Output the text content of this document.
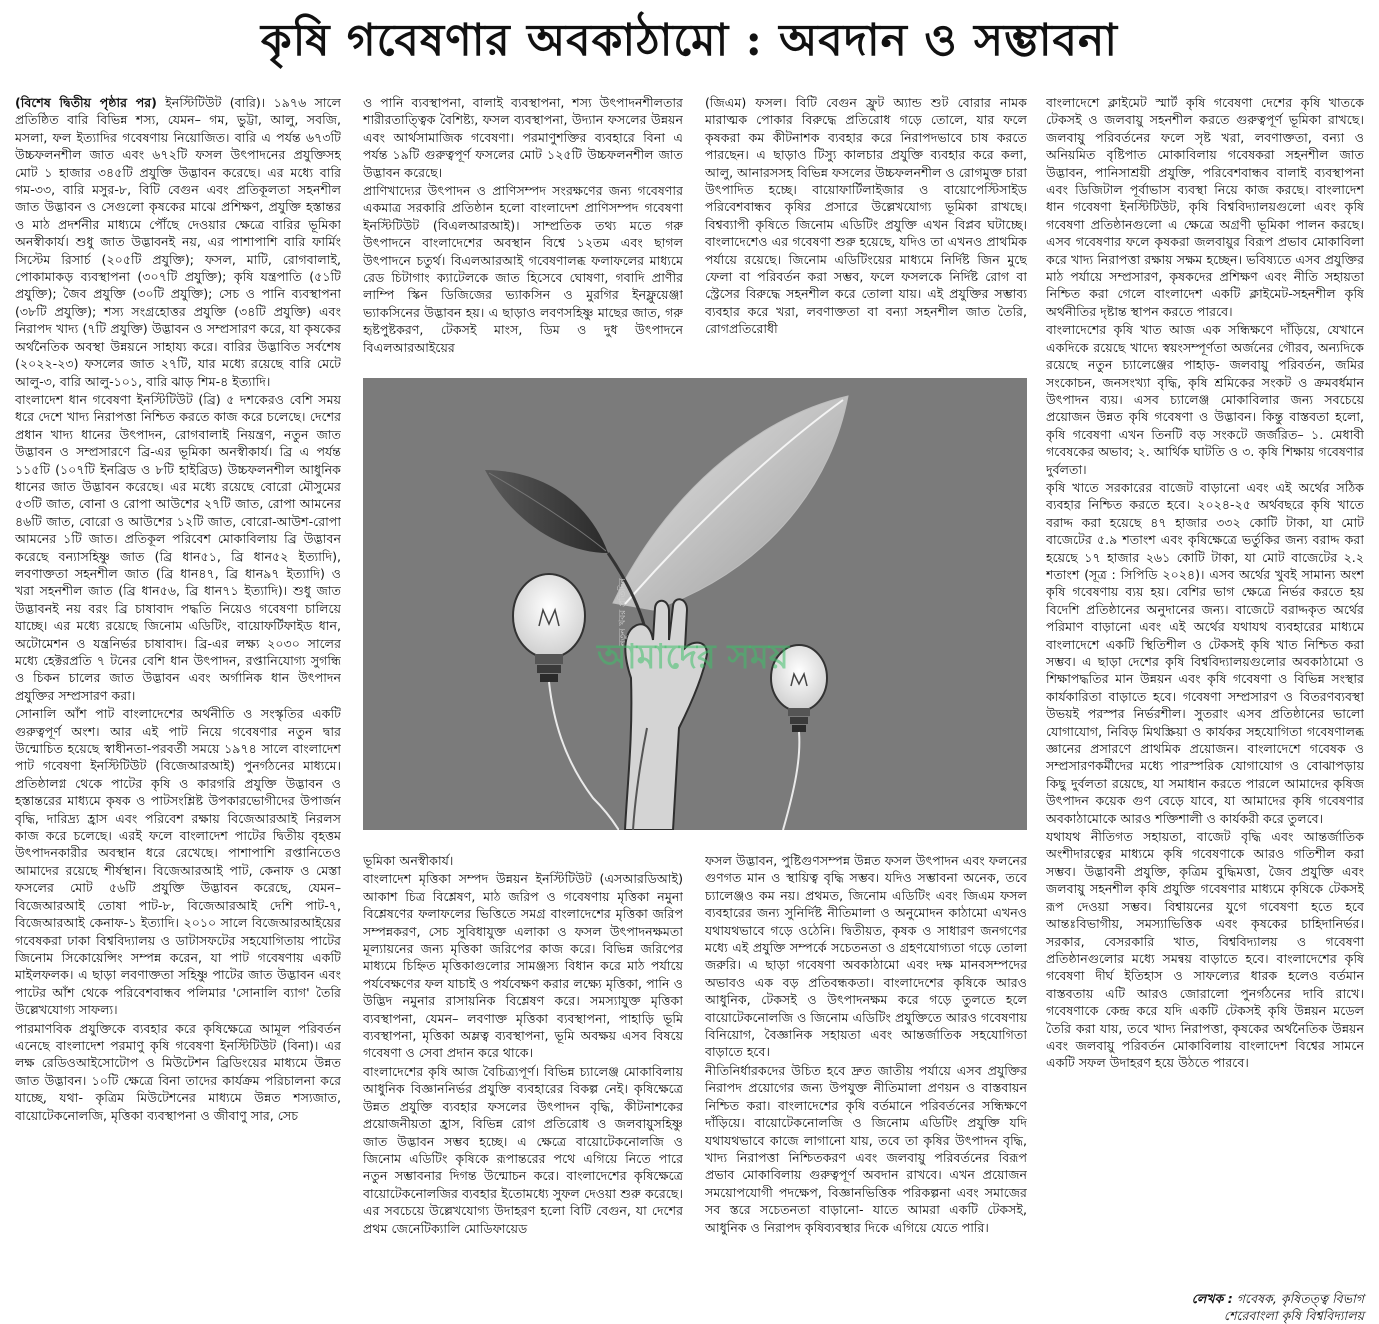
কৃষি গবেষণার অবকাঠামো : অবদান ও সম্ভাবনা

(বিশেষ দ্বিতীয় পৃষ্ঠার পর) ইনস্টিটিউট (বারি)। ১৯৭৬ সালে প্রতিষ্ঠিত বারি বিভিন্ন শস্য, যেমন– গম, ভুট্টা, আলু, সবজি, মসলা, ফল ইত্যাদির গবেষণায় নিয়োজিত। বারি এ পর্যন্ত ৬৭৩টি উচ্চফলনশীল জাত এবং ৬৭২টি ফসল উৎপাদনের প্রযুক্তিসহ মোট ১ হাজার ৩৪৫টি প্রযুক্তি উদ্ভাবন করেছে। এর মধ্যে বারি গম-৩৩, বারি মসুর-৮, বিটি বেগুন এবং প্রতিকূলতা সহনশীল জাত উদ্ভাবন ও সেগুলো কৃষকের মাঝে প্রশিক্ষণ, প্রযুক্তি হস্তান্তর ও মাঠ প্রদর্শনীর মাধ্যমে পৌঁছে দেওয়ার ক্ষেত্রে বারির ভূমিকা অনস্বীকার্য। শুধু জাত উদ্ভাবনই নয়, এর পাশাপাশি বারি ফার্মিং সিস্টেম রিসার্চ (২০৫টি প্রযুক্তি); ফসল, মাটি, রোগবালাই, পোকামাকড় ব্যবস্থাপনা (৩০৭টি প্রযুক্তি); কৃষি যন্ত্রপাতি (৫১টি প্রযুক্তি); জৈব প্রযুক্তি (৩০টি প্রযুক্তি); সেচ ও পানি ব্যবস্থাপনা (৩৮টি প্রযুক্তি); শস্য সংগ্রহোত্তর প্রযুক্তি (৩৪টি প্রযুক্তি) এবং নিরাপদ খাদ্য (৭টি প্রযুক্তি) উদ্ভাবন ও সম্প্রসারণ করে, যা কৃষকের অর্থনৈতিক অবস্থা উন্নয়নে সাহায্য করে। বারির উদ্ভাবিত সর্বশেষ (২০২২-২৩) ফসলের জাত ২৭টি, যার মধ্যে রয়েছে বারি মেটে আলু-৩, বারি আলু-১০১, বারি ঝাড় শিম-৪ ইত্যাদি।

বাংলাদেশ ধান গবেষণা ইনস্টিটিউট (ব্রি) ৫ দশকেরও বেশি সময় ধরে দেশে খাদ্য নিরাপত্তা নিশ্চিত করতে কাজ করে চলেছে। দেশের প্রধান খাদ্য ধানের উৎপাদন, রোগবালাই নিয়ন্ত্রণ, নতুন জাত উদ্ভাবন ও সম্প্রসারণে ব্রি-এর ভূমিকা অনস্বীকার্য। ব্রি এ পর্যন্ত ১১৫টি (১০৭টি ইনব্রিড ও ৮টি হাইব্রিড) উচ্চফলনশীল আধুনিক ধানের জাত উদ্ভাবন করেছে। এর মধ্যে রয়েছে বোরো মৌসুমের ৫৩টি জাত, বোনা ও রোপা আউশের ২৭টি জাত, রোপা আমনের ৪৬টি জাত, বোরো ও আউশের ১২টি জাত, বোরো-আউশ-রোপা আমনের ১টি জাত। প্রতিকূল পরিবেশ মোকাবিলায় ব্রি উদ্ভাবন করেছে বন্যাসহিষ্ণু জাত (ব্রি ধান৫১, ব্রি ধান৫২ ইত্যাদি), লবণাক্ততা সহনশীল জাত (ব্রি ধান৪৭, ব্রি ধান৯৭ ইত্যাদি) ও খরা সহনশীল জাত (ব্রি ধান৫৬, ব্রি ধান৭১ ইত্যাদি)। শুধু জাত উদ্ভাবনই নয় বরং ব্রি চাষাবাদ পদ্ধতি নিয়েও গবেষণা চালিয়ে যাচ্ছে। এর মধ্যে রয়েছে জিনোম এডিটিং, বায়োফর্টিফাইড ধান, অটোমেশন ও যন্ত্রনির্ভর চাষাবাদ। ব্রি-এর লক্ষ্য ২০৩০ সালের মধ্যে হেক্টরপ্রতি ৭ টনের বেশি ধান উৎপাদন, রপ্তানিযোগ্য সুগন্ধি ও চিকন চালের জাত উদ্ভাবন এবং অর্গানিক ধান উৎপাদন প্রযুক্তির সম্প্রসারণ করা।

সোনালি আঁশ পাট বাংলাদেশের অর্থনীতি ও সংস্কৃতির একটি গুরুত্বপূর্ণ অংশ। আর এই পাট নিয়ে গবেষণার নতুন দ্বার উন্মোচিত হয়েছে স্বাধীনতা-পরবর্তী সময়ে ১৯৭৪ সালে বাংলাদেশ পাট গবেষণা ইনস্টিটিউট (বিজেআরআই) পুনর্গঠনের মাধ্যমে। প্রতিষ্ঠালগ্ন থেকে পাটের কৃষি ও কারগরি প্রযুক্তি উদ্ভাবন ও হস্তান্তরের মাধ্যমে কৃষক ও পাটসংশ্লিষ্ট উপকারভোগীদের উপার্জন বৃদ্ধি, দারিদ্র্য হ্রাস এবং পরিবেশ রক্ষায় বিজেআরআই নিরলস কাজ করে চলেছে। এরই ফলে বাংলাদেশ পাটের দ্বিতীয় বৃহত্তম উৎপাদনকারীর অবস্থান ধরে রেখেছে। পাশাপাশি রপ্তানিতেও আমাদের রয়েছে শীর্ষস্থান। বিজেআরআই পাট, কেনাফ ও মেস্তা ফসলের মোট ৫৬টি প্রযুক্তি উদ্ভাবন করেছে, যেমন– বিজেআরআই তোষা পাট-৮, বিজেআরআই দেশি পাট-৭, বিজেআরআই কেনাফ-১ ইত্যাদি। ২০১০ সালে বিজেআরআইয়ের গবেষকরা ঢাকা বিশ্ববিদ্যালয় ও ডাটাসফটের সহযোগিতায় পাটের জিনোম সিকোয়েন্সিং সম্পন্ন করেন, যা পাট গবেষণায় একটি মাইলফলক। এ ছাড়া লবণাক্ততা সহিষ্ণু পাটের জাত উদ্ভাবন এবং পাটের আঁশ থেকে পরিবেশবান্ধব পলিমার 'সোনালি ব্যাগ' তৈরি উল্লেখযোগ্য সাফল্য।

পারমাণবিক প্রযুক্তিকে ব্যবহার করে কৃষিক্ষেত্রে আমূল পরিবর্তন এনেছে বাংলাদেশ পরমাণু কৃষি গবেষণা ইনস্টিটিউট (বিনা)। এর লক্ষ রেডিওআইসোটোপ ও মিউটেশন ব্রিডিংয়ের মাধ্যমে উন্নত জাত উদ্ভাবন। ১০টি ক্ষেত্রে বিনা তাদের কার্যক্রম পরিচালনা করে যাচ্ছে, যথা- কৃত্রিম মিউটেশনের মাধ্যমে উন্নত শস্যজাত, বায়োটেকনোলজি, মৃত্তিকা ব্যবস্থাপনা ও জীবাণু সার, সেচ

ও পানি ব্যবস্থাপনা, বালাই ব্যবস্থাপনা, শস্য উৎপাদনশীলতার শারীরতাত্ত্বিক বৈশিষ্ট্য, ফসল ব্যবস্থাপনা, উদ্যান ফসলের উন্নয়ন এবং আর্থসামাজিক গবেষণা। পরমাণুশক্তির ব্যবহারে বিনা এ পর্যন্ত ১৯টি গুরুত্বপূর্ণ ফসলের মোট ১২৫টি উচ্চফলনশীল জাত উদ্ভাবন করেছে।

প্রাণিখাদ্যের উৎপাদন ও প্রাণিসম্পদ সংরক্ষণের জন্য গবেষণার একমাত্র সরকারি প্রতিষ্ঠান হলো বাংলাদেশ প্রাণিসম্পদ গবেষণা ইনস্টিটিউট (বিএলআরআই)। সাম্প্রতিক তথ্য মতে গরু উৎপাদনে বাংলাদেশের অবস্থান বিশ্বে ১২তম এবং ছাগল উৎপাদনে চতুর্থ। বিএলআরআই গবেষণালব্ধ ফলাফলের মাধ্যমে রেড চিটাগাং ক্যাটেলকে জাত হিসেবে ঘোষণা, গবাদি প্রাণীর লাম্পি স্কিন ডিজিজের ভ্যাকসিন ও মুরগির ইনফ্লুয়েঞ্জা ভ্যাকসিনের উদ্ভাবন হয়। এ ছাড়াও লবণসহিষ্ণু মাছের জাত, গরু হৃষ্টপুষ্টকরণ, টেকসই মাংস, ডিম ও দুধ উৎপাদনে বিএলআরআইয়ের

(জিএম) ফসল। বিটি বেগুন ফ্রুট অ্যান্ড শুট বোরার নামক মারাত্মক পোকার বিরুদ্ধে প্রতিরোধ গড়ে তোলে, যার ফলে কৃষকরা কম কীটনাশক ব্যবহার করে নিরাপদভাবে চাষ করতে পারছেন। এ ছাড়াও টিস্যু কালচার প্রযুক্তি ব্যবহার করে কলা, আলু, আনারসসহ বিভিন্ন ফসলের উচ্চফলনশীল ও রোগমুক্ত চারা উৎপাদিত হচ্ছে। বায়োফার্টিলাইজার ও বায়োপেস্টিসাইড পরিবেশবান্ধব কৃষির প্রসারে উল্লেখযোগ্য ভূমিকা রাখছে। বিশ্বব্যাপী কৃষিতে জিনোম এডিটিং প্রযুক্তি এখন বিপ্লব ঘটাচ্ছে। বাংলাদেশেও এর গবেষণা শুরু হয়েছে, যদিও তা এখনও প্রাথমিক পর্যায়ে রয়েছে। জিনোম এডিটিংয়ের মাধ্যমে নির্দিষ্ট জিন মুছে ফেলা বা পরিবর্তন করা সম্ভব, ফলে ফসলকে নির্দিষ্ট রোগ বা স্ট্রেসের বিরুদ্ধে সহনশীল করে তোলা যায়। এই প্রযুক্তির সম্ভাব্য ব্যবহার করে খরা, লবণাক্ততা বা বন্যা সহনশীল জাত তৈরি, রোগপ্রতিরোধী

বাংলাদেশে ক্লাইমেট স্মার্ট কৃষি গবেষণা দেশের কৃষি খাতকে টেকসই ও জলবায়ু সহনশীল করতে গুরুত্বপূর্ণ ভূমিকা রাখছে। জলবায়ু পরিবর্তনের ফলে সৃষ্ট খরা, লবণাক্ততা, বন্যা ও অনিয়মিত বৃষ্টিপাত মোকাবিলায় গবেষকরা সহনশীল জাত উদ্ভাবন, পানিসাশ্রয়ী প্রযুক্তি, পরিবেশবান্ধব বালাই ব্যবস্থাপনা এবং ডিজিটাল পূর্বাভাস ব্যবস্থা নিয়ে কাজ করছে। বাংলাদেশ ধান গবেষণা ইনস্টিটিউট, কৃষি বিশ্ববিদ্যালয়গুলো এবং কৃষি গবেষণা প্রতিষ্ঠানগুলো এ ক্ষেত্রে অগ্রণী ভূমিকা পালন করছে। এসব গবেষণার ফলে কৃষকরা জলবায়ুর বিরূপ প্রভাব মোকাবিলা করে খাদ্য নিরাপত্তা রক্ষায় সক্ষম হচ্ছেন। ভবিষ্যতে এসব প্রযুক্তির মাঠ পর্যায়ে সম্প্রসারণ, কৃষকদের প্রশিক্ষণ এবং নীতি সহায়তা নিশ্চিত করা গেলে বাংলাদেশ একটি ক্লাইমেট-সহনশীল কৃষি অর্থনীতির দৃষ্টান্ত স্থাপন করতে পারবে।

বাংলাদেশের কৃষি খাত আজ এক সন্ধিক্ষণে দাঁড়িয়ে, যেখানে একদিকে রয়েছে খাদ্যে স্বয়ংসম্পূর্ণতা অর্জনের গৌরব, অন্যদিকে রয়েছে নতুন চ্যালেঞ্জের পাহাড়- জলবায়ু পরিবর্তন, জমির সংকোচন, জনসংখ্যা বৃদ্ধি, কৃষি শ্রমিকের সংকট ও ক্রমবর্ধমান উৎপাদন ব্যয়। এসব চ্যালেঞ্জ মোকাবিলার জন্য সবচেয়ে প্রয়োজন উন্নত কৃষি গবেষণা ও উদ্ভাবন। কিন্তু বাস্তবতা হলো, কৃষি গবেষণা এখন তিনটি বড় সংকটে জর্জরিত– ১. মেধাবী গবেষকের অভাব; ২. আর্থিক ঘাটতি ও ৩. কৃষি শিক্ষায় গবেষণার দুর্বলতা।

কৃষি খাতে সরকারের বাজেট বাড়ানো এবং এই অর্থের সঠিক ব্যবহার নিশ্চিত করতে হবে। ২০২৪-২৫ অর্থবছরে কৃষি খাতে বরাদ্দ করা হয়েছে ৪৭ হাজার ৩৩২ কোটি টাকা, যা মোট বাজেটের ৫.৯ শতাংশ এবং কৃষিক্ষেত্রে ভর্তুকির জন্য বরাদ্দ করা হয়েছে ১৭ হাজার ২৬১ কোটি টাকা, যা মোট বাজেটের ২.২ শতাংশ (সূত্র : সিপিডি ২০২৪)। এসব অর্থের খুবই সামান্য অংশ কৃষি গবেষণায় ব্যয় হয়। বেশির ভাগ ক্ষেত্রে নির্ভর করতে হয় বিদেশি প্রতিষ্ঠানের অনুদানের জন্য। বাজেটে বরাদ্দকৃত অর্থের পরিমাণ বাড়ানো এবং এই অর্থের যথাযথ ব্যবহারের মাধ্যমে বাংলাদেশে একটি স্থিতিশীল ও টেকসই কৃষি খাত নিশ্চিত করা সম্ভব। এ ছাড়া দেশের কৃষি বিশ্ববিদ্যালয়গুলোর অবকাঠামো ও শিক্ষাপদ্ধতির মান উন্নয়ন এবং কৃষি গবেষণা ও বিভিন্ন সংস্থার কার্যকারিতা বাড়াতে হবে। গবেষণা সম্প্রসারণ ও বিতরণব্যবস্থা উভয়ই পরস্পর নির্ভরশীল। সুতরাং এসব প্রতিষ্ঠানের ভালো যোগাযোগ, নিবিড় মিথস্ক্রিয়া ও কার্যকর সহযোগিতা গবেষণালব্ধ জ্ঞানের প্রসারণে প্রাথমিক প্রয়োজন। বাংলাদেশে গবেষক ও সম্প্রসারণকর্মীদের মধ্যে পারস্পরিক যোগাযোগ ও বোঝাপড়ায় কিছু দুর্বলতা রয়েছে, যা সমাধান করতে পারলে আমাদের কৃষিজ উৎপাদন কয়েক গুণ বেড়ে যাবে, যা আমাদের কৃষি গবেষণার অবকাঠামোকে আরও শক্তিশালী ও কার্যকরী করে তুলবে।

যথাযথ নীতিগত সহায়তা, বাজেট বৃদ্ধি এবং আন্তর্জাতিক অংশীদারত্বের মাধ্যমে কৃষি গবেষণাকে আরও গতিশীল করা সম্ভব। উদ্ভাবনী প্রযুক্তি, কৃত্রিম বুদ্ধিমত্তা, জৈব প্রযুক্তি এবং জলবায়ু সহনশীল কৃষি প্রযুক্তি গবেষণার মাধ্যমে কৃষিকে টেকসই রূপ দেওয়া সম্ভব। বিশ্বায়নের যুগে গবেষণা হতে হবে আন্তঃবিভাগীয়, সমস্যাভিত্তিক এবং কৃষকের চাহিদানির্ভর। সরকার, বেসরকারি খাত, বিশ্ববিদ্যালয় ও গবেষণা প্রতিষ্ঠানগুলোর মধ্যে সমন্বয় বাড়াতে হবে। বাংলাদেশের কৃষি গবেষণা দীর্ঘ ইতিহাস ও সাফল্যের ধারক হলেও বর্তমান বাস্তবতায় এটি আরও জোরালো পুনর্গঠনের দাবি রাখে। গবেষণাকে কেন্দ্র করে যদি একটি টেকসই কৃষি উন্নয়ন মডেল তৈরি করা যায়, তবে খাদ্য নিরাপত্তা, কৃষকের অর্থনৈতিক উন্নয়ন এবং জলবায়ু পরিবর্তন মোকাবিলায় বাংলাদেশ বিশ্বের সামনে একটি সফল উদাহরণ হয়ে উঠতে পারবে।

নতুন খবর প্রতিদিন
আমাদের সময়

ভূমিকা অনস্বীকার্য।

বাংলাদেশ মৃত্তিকা সম্পদ উন্নয়ন ইনস্টিটিউট (এসআরডিআই) আকাশ চিত্র বিশ্লেষণ, মাঠ জরিপ ও গবেষণায় মৃত্তিকা নমুনা বিশ্লেষণের ফলাফলের ভিত্তিতে সমগ্র বাংলাদেশের মৃত্তিকা জরিপ সম্পন্নকরণ, সেচ সুবিধাযুক্ত এলাকা ও ফসল উৎপাদনক্ষমতা মূল্যায়নের জন্য মৃত্তিকা জরিপের কাজ করে। বিভিন্ন জরিপের মাধ্যমে চিহ্নিত মৃত্তিকাগুলোর সামঞ্জস্য বিধান করে মাঠ পর্যায়ে পর্যবেক্ষণের ফল যাচাই ও পর্যবেক্ষণ করার লক্ষ্যে মৃত্তিকা, পানি ও উদ্ভিদ নমুনার রাসায়নিক বিশ্লেষণ করে। সমস্যাযুক্ত মৃত্তিকা ব্যবস্থাপনা, যেমন– লবণাক্ত মৃত্তিকা ব্যবস্থাপনা, পাহাড়ি ভূমি ব্যবস্থাপনা, মৃত্তিকা অম্লত্ব ব্যবস্থাপনা, ভূমি অবক্ষয় এসব বিষয়ে গবেষণা ও সেবা প্রদান করে থাকে।

বাংলাদেশের কৃষি আজ বৈচিত্র্যপূর্ণ। বিভিন্ন চ্যালেঞ্জ মোকাবিলায় আধুনিক বিজ্ঞাননির্ভর প্রযুক্তি ব্যবহারের বিকল্প নেই। কৃষিক্ষেত্রে উন্নত প্রযুক্তি ব্যবহার ফসলের উৎপাদন বৃদ্ধি, কীটনাশকের প্রয়োজনীয়তা হ্রাস, বিভিন্ন রোগ প্রতিরোধ ও জলবায়ুসহিষ্ণু জাত উদ্ভাবন সম্ভব হচ্ছে। এ ক্ষেত্রে বায়োটেকনোলজি ও জিনোম এডিটিং কৃষিকে রূপান্তরের পথে এগিয়ে নিতে পারে নতুন সম্ভাবনার দিগন্ত উন্মোচন করে। বাংলাদেশের কৃষিক্ষেত্রে বায়োটেকনোলজির ব্যবহার ইতোমধ্যে সুফল দেওয়া শুরু করেছে। এর সবচেয়ে উল্লেখযোগ্য উদাহরণ হলো বিটি বেগুন, যা দেশের প্রথম জেনেটিক্যালি মোডিফায়েড

ফসল উদ্ভাবন, পুষ্টিগুণসম্পন্ন উন্নত ফসল উৎপাদন এবং ফলনের গুণগত মান ও স্থায়িত্ব বৃদ্ধি সম্ভব। যদিও সম্ভাবনা অনেক, তবে চ্যালেঞ্জও কম নয়। প্রথমত, জিনোম এডিটিং এবং জিএম ফসল ব্যবহারের জন্য সুনির্দিষ্ট নীতিমালা ও অনুমোদন কাঠামো এখনও যথাযথভাবে গড়ে ওঠেনি। দ্বিতীয়ত, কৃষক ও সাধারণ জনগণের মধ্যে এই প্রযুক্তি সম্পর্কে সচেতনতা ও গ্রহণযোগ্যতা গড়ে তোলা জরুরি। এ ছাড়া গবেষণা অবকাঠামো এবং দক্ষ মানবসম্পদের অভাবও এক বড় প্রতিবন্ধকতা। বাংলাদেশের কৃষিকে আরও আধুনিক, টেকসই ও উৎপাদনক্ষম করে গড়ে তুলতে হলে বায়োটেকনোলজি ও জিনোম এডিটিং প্রযুক্তিতে আরও গবেষণায় বিনিয়োগ, বৈজ্ঞানিক সহায়তা এবং আন্তর্জাতিক সহযোগিতা বাড়াতে হবে।

নীতিনির্ধারকদের উচিত হবে দ্রুত জাতীয় পর্যায়ে এসব প্রযুক্তির নিরাপদ প্রয়োগের জন্য উপযুক্ত নীতিমালা প্রণয়ন ও বাস্তবায়ন নিশ্চিত করা। বাংলাদেশের কৃষি বর্তমানে পরিবর্তনের সন্ধিক্ষণে দাঁড়িয়ে। বায়োটেকনোলজি ও জিনোম এডিটিং প্রযুক্তি যদি যথাযথভাবে কাজে লাগানো যায়, তবে তা কৃষির উৎপাদন বৃদ্ধি, খাদ্য নিরাপত্তা নিশ্চিতকরণ এবং জলবায়ু পরিবর্তনের বিরূপ প্রভাব মোকাবিলায় গুরুত্বপূর্ণ অবদান রাখবে। এখন প্রয়োজন সময়োপযোগী পদক্ষেপ, বিজ্ঞানভিত্তিক পরিকল্পনা এবং সমাজের সব স্তরে সচেতনতা বাড়ানো- যাতে আমরা একটি টেকসই, আধুনিক ও নিরাপদ কৃষিব্যবস্থার দিকে এগিয়ে যেতে পারি।

লেখক : গবেষক, কৃষিতত্ত্ব বিভাগ
শেরেবাংলা কৃষি বিশ্ববিদ্যালয়
